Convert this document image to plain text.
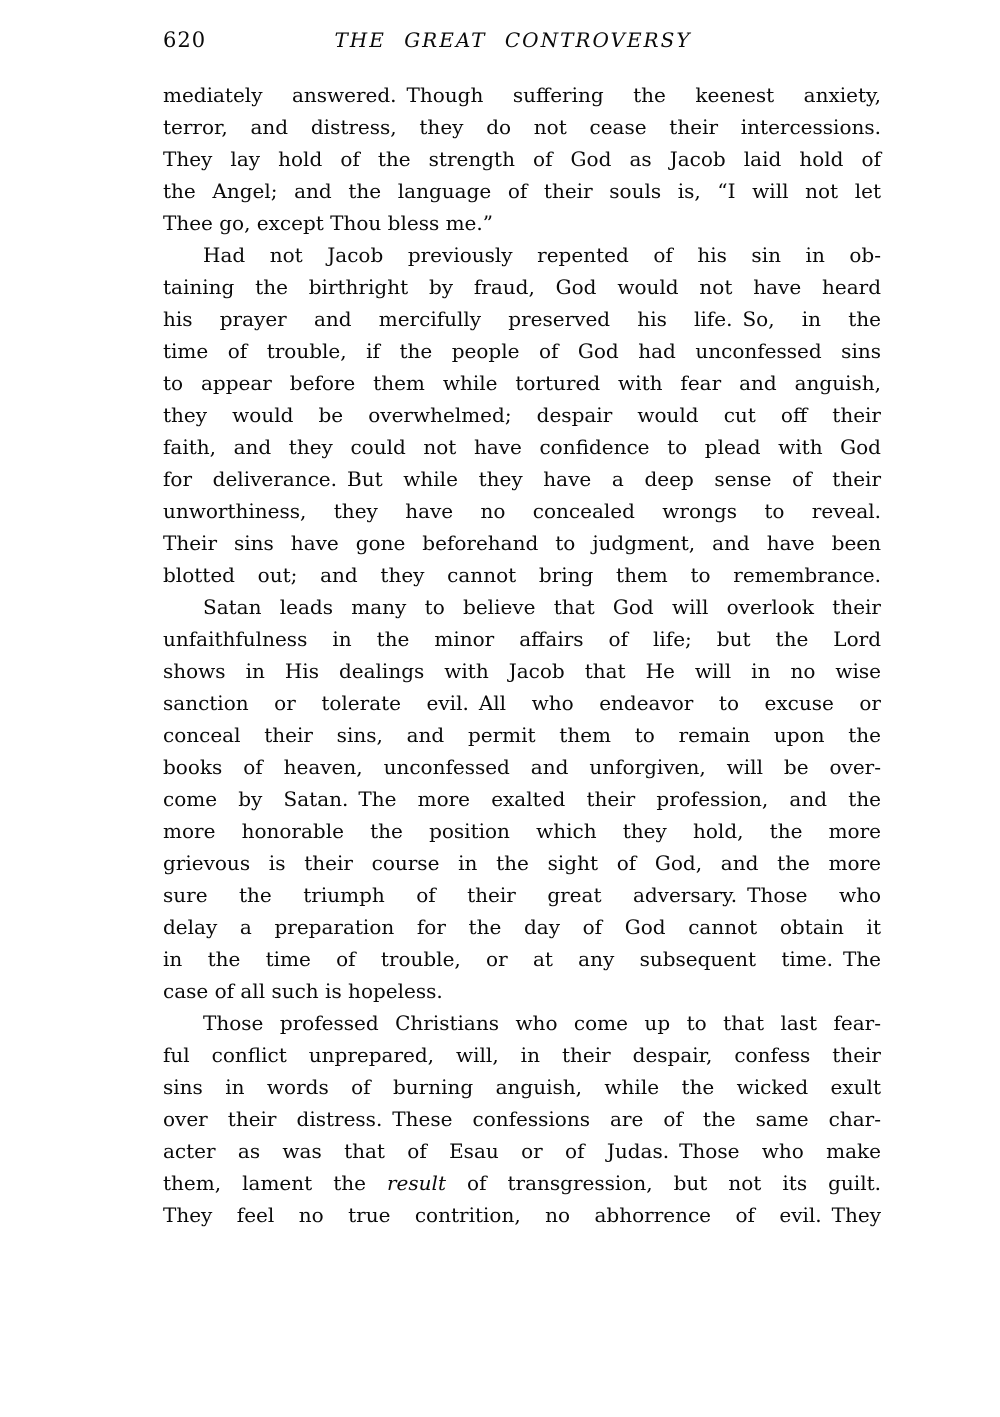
620	THE GREAT CONTROVERSY
mediately answered. Though suffering the keenest anxiety,
terror, and distress, they do not cease their intercessions.
They lay hold of the strength of God as Jacob laid hold of
the Angel; and the language of their souls is, “I will not let
Thee go, except Thou bless me.”
Had not Jacob previously repented of his sin in ob-
taining the birthright by fraud, God would not have heard
his prayer and mercifully preserved his life. So, in the
time of trouble, if the people of God had unconfessed sins
to appear before them while tortured with fear and anguish,
they would be overwhelmed; despair would cut off their
faith, and they could not have confidence to plead with God
for deliverance. But while they have a deep sense of their
unworthiness, they have no concealed wrongs to reveal.
Their sins have gone beforehand to judgment, and have been
blotted out; and they cannot bring them to remembrance.
Satan leads many to believe that God will overlook their
unfaithfulness in the minor affairs of life; but the Lord
shows in His dealings with Jacob that He will in no wise
sanction or tolerate evil. All who endeavor to excuse or
conceal their sins, and permit them to remain upon the
books of heaven, unconfessed and unforgiven, will be over-
come by Satan. The more exalted their profession, and the
more honorable the position which they hold, the more
grievous is their course in the sight of God, and the more
sure the triumph of their great adversary. Those who
delay a preparation for the day of God cannot obtain it
in the time of trouble, or at any subsequent time. The
case of all such is hopeless.
Those professed Christians who come up to that last fear-
ful conflict unprepared, will, in their despair, confess their
sins in words of burning anguish, while the wicked exult
over their distress. These confessions are of the same char-
acter as was that of Esau or of Judas. Those who make
them, lament the result of transgression, but not its guilt.
They feel no true contrition, no abhorrence of evil. They
